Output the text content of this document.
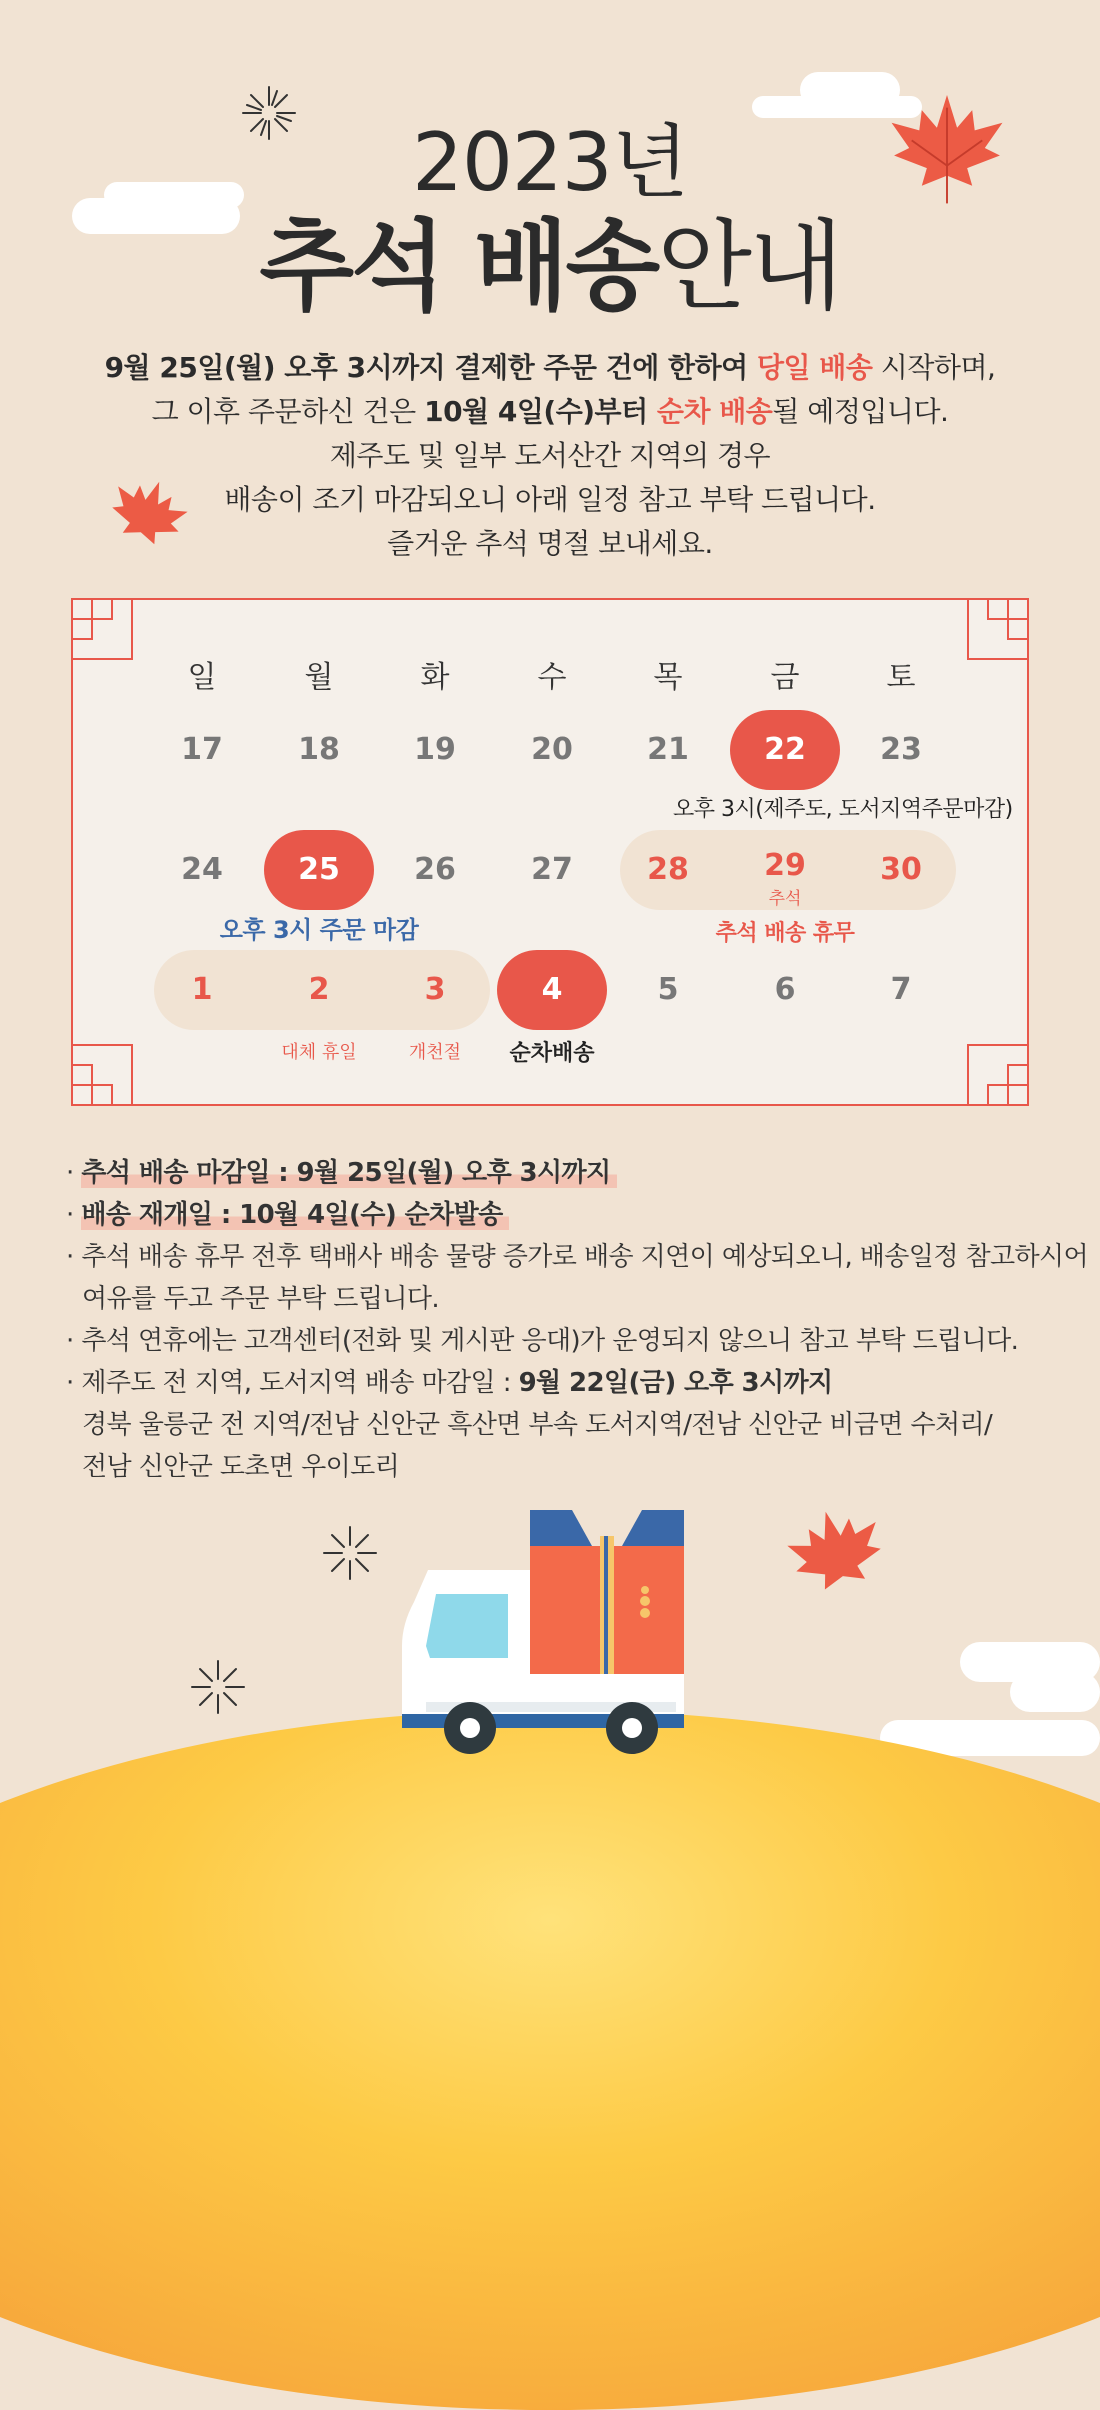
2023년
추석 배송안내
9월 25일(월) 오후 3시까지 결제한 주문 건에 한하여 당일 배송 시작하며,
그 이후 주문하신 건은 10월 4일(수)부터 순차 배송될 예정입니다.
제주도 및 일부 도서산간 지역의 경우
배송이 조기 마감되오니 아래 일정 참고 부탁 드립니다.
즐거운 추석 명절 보내세요.
일	월	화	수	목	금	토
17	18	19	20	21	22	23
오후 3시(제주도, 도서지역주문마감)
24	25	26	27	28	29	30
추석
오후 3시 주문 마감	추석 배송 휴무
1	2	3	4	5	6	7
대체 휴일	개천절	순차배송
· 추석 배송 마감일 : 9월 25일(월) 오후 3시까지
· 배송 재개일 : 10월 4일(수) 순차발송
· 추석 배송 휴무 전후 택배사 배송 물량 증가로 배송 지연이 예상되오니, 배송일정 참고하시어
여유를 두고 주문 부탁 드립니다.
· 추석 연휴에는 고객센터(전화 및 게시판 응대)가 운영되지 않으니 참고 부탁 드립니다.
· 제주도 전 지역, 도서지역 배송 마감일 : 9월 22일(금) 오후 3시까지
경북 울릉군 전 지역/전남 신안군 흑산면 부속 도서지역/전남 신안군 비금면 수처리/
전남 신안군 도초면 우이도리
